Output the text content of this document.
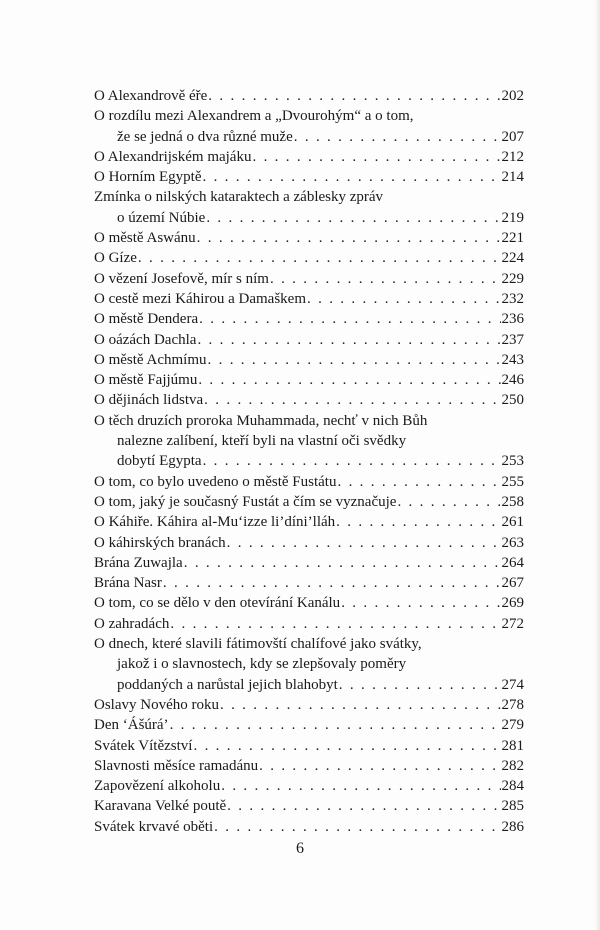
O Alexandrově éře . . .	202
O rozdílu mezi Alexandrem a „Dvourohým“ a o tom,
že se jedná o dva různé muže . . .	207
O Alexandrijském majáku . . .	212
O Horním Egyptě . . .	214
Zmínka o nilských kataraktech a záblesky zpráv
o území Núbie . . .	219
O městě Aswánu . . .	221
O Gíze . . .	224
O vězení Josefově, mír s ním . . .	229
O cestě mezi Káhirou a Damaškem . . .	232
O městě Dendera . . .	236
O oázách Dachla . . .	237
O městě Achmímu . . .	243
O městě Fajjúmu . . .	246
O dějinách lidstva . . .	250
O těch druzích proroka Muhammada, nechť v nich Bůh
nalezne zalíbení, kteří byli na vlastní oči svědky
dobytí Egypta . . .	253
O tom, co bylo uvedeno o městě Fustátu . . .	255
O tom, jaký je současný Fustát a čím se vyznačuje . . .	258
O Káhiře. Káhira al-Mu‘izze li’díni’lláh . . .	261
O káhirských branách . . .	263
Brána Zuwajla . . .	264
Brána Nasr . . .	267
O tom, co se dělo v den otevírání Kanálu . . .	269
O zahradách . . .	272
O dnech, které slavili fátimovští chalífové jako svátky,
jakož i o slavnostech, kdy se zlepšovaly poměry
poddaných a narůstal jejich blahobyt . . .	274
Oslavy Nového roku . . .	278
Den ‘Ášúrá’ . . .	279
Svátek Vítězství . . .	281
Slavnosti měsíce ramadánu . . .	282
Zapovězení alkoholu . . .	284
Karavana Velké poutě . . .	285
Svátek krvavé oběti . . .	286
6
